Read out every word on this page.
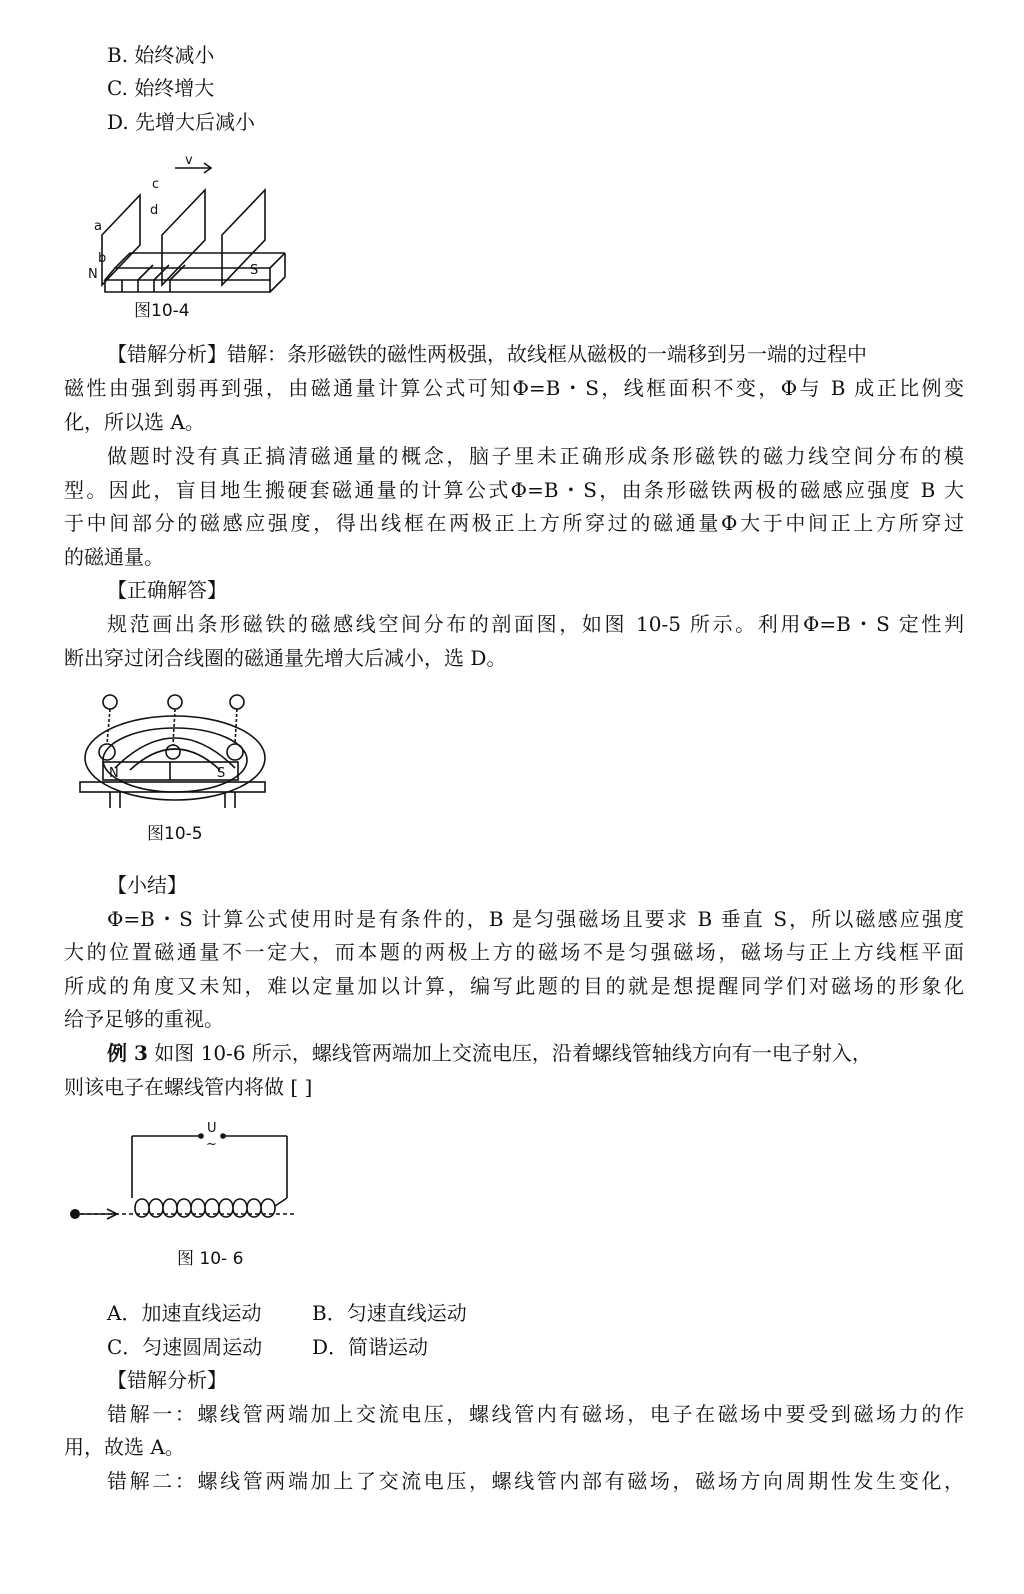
B. 始终减小
C. 始终增大
D. 先增大后减小
v
a
b
c
d
N	S
图10-4
【错解分析】错解：条形磁铁的磁性两极强，故线框从磁极的一端移到另一端的过程中
磁性由强到弱再到强，由磁通量计算公式可知Φ=B・S，线框面积不变，Φ与 B 成正比例变
化，所以选 A。
做题时没有真正搞清磁通量的概念，脑子里未正确形成条形磁铁的磁力线空间分布的模
型。因此，盲目地生搬硬套磁通量的计算公式Φ=B・S，由条形磁铁两极的磁感应强度 B 大
于中间部分的磁感应强度，得出线框在两极正上方所穿过的磁通量Φ大于中间正上方所穿过
的磁通量。
【正确解答】
规范画出条形磁铁的磁感线空间分布的剖面图，如图 10-5 所示。利用Φ=B・S 定性判
断出穿过闭合线圈的磁通量先增大后减小，选 D。
N	S
图10-5
【小结】
Φ=B・S 计算公式使用时是有条件的，B 是匀强磁场且要求 B 垂直 S，所以磁感应强度
大的位置磁通量不一定大，而本题的两极上方的磁场不是匀强磁场，磁场与正上方线框平面
所成的角度又未知，难以定量加以计算，编写此题的目的就是想提醒同学们对磁场的形象化
给予足够的重视。
例 3 如图 10-6 所示，螺线管两端加上交流电压，沿着螺线管轴线方向有一电子射入，
则该电子在螺线管内将做 [ ]
U
~
图 10- 6
A．加速直线运动	B．匀速直线运动
C．匀速圆周运动 D．简谐运动
【错解分析】
错解一：螺线管两端加上交流电压，螺线管内有磁场，电子在磁场中要受到磁场力的作
用，故选 A。
错解二：螺线管两端加上了交流电压，螺线管内部有磁场，磁场方向周期性发生变化，
